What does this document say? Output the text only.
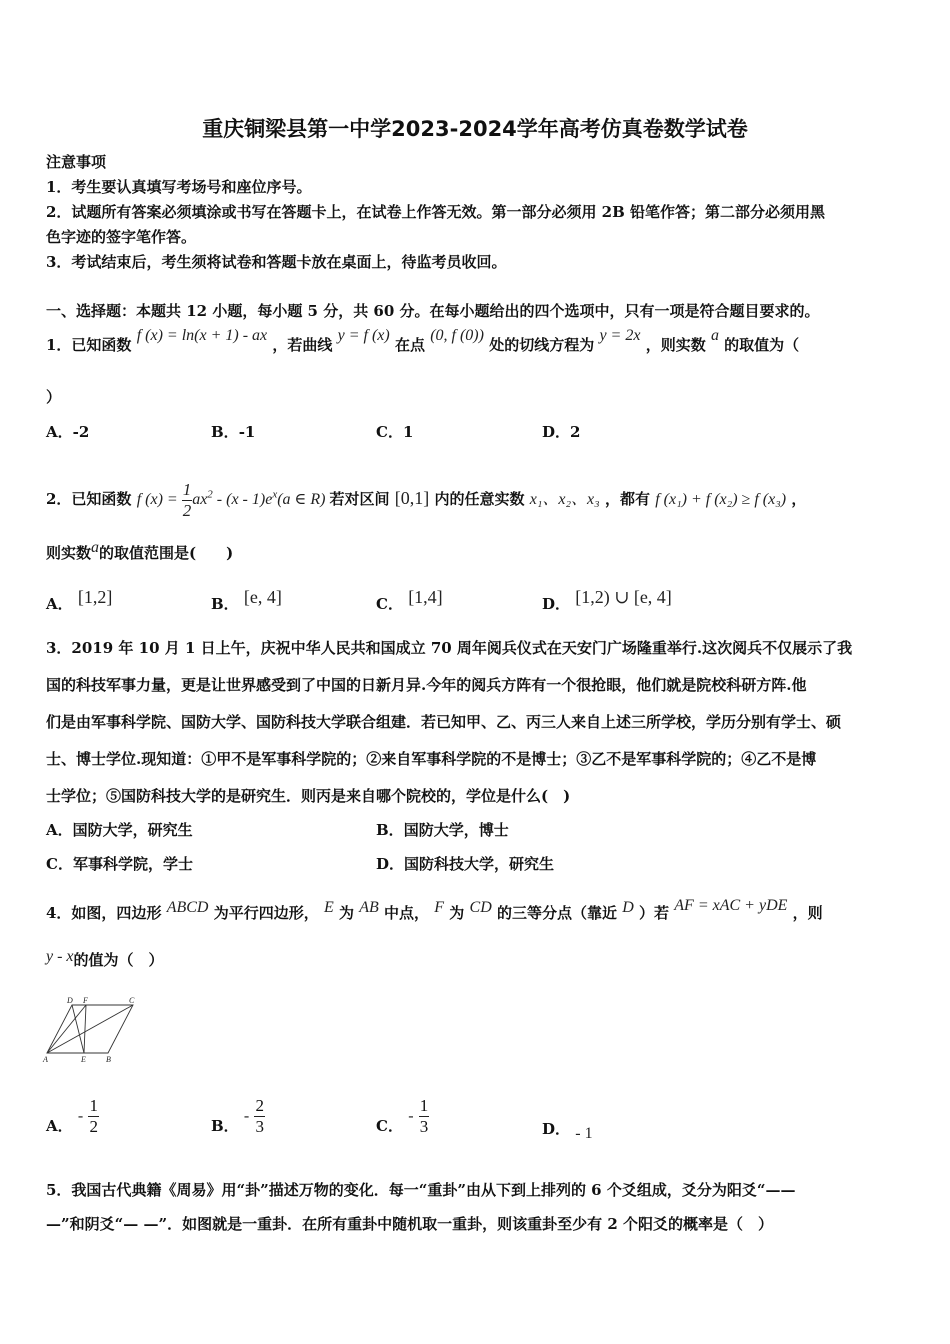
重庆铜梁县第一中学2023-2024学年高考仿真卷数学试卷
注意事项
1．考生要认真填写考场号和座位序号。
2．试题所有答案必须填涂或书写在答题卡上，在试卷上作答无效。第一部分必须用 2B 铅笔作答；第二部分必须用黑
色字迹的签字笔作答。
3．考试结束后，考生须将试卷和答题卡放在桌面上，待监考员收回。
一、选择题：本题共 12 小题，每小题 5 分，共 60 分。在每小题给出的四个选项中，只有一项是符合题目要求的。
1．已知函数 f (x) = ln(x + 1) - ax ，若曲线 y = f (x) 在点 (0, f (0)) 处的切线方程为 y = 2x ，则实数 a 的取值为（
）
A．-2	B．-1	C．1	D．2
2．已知函数 f $(x) = \frac{1}{2} ax^2 - (x - 1)e^x(a$ ∈ R) 若对区间 [0,1] 内的任意实数 x₁、x₂、x₃ ，都有 f (x₁) + f (x₂) ≥ f (x₃) ，
则实数a的取值范围是(　　)
A． [1,2]	B． [e, 4]	C． [1,4]	D． [1,2) ∪ [e, 4]
3．2019 年 10 月 1 日上午，庆祝中华人民共和国成立 70 周年阅兵仪式在天安门广场隆重举行.这次阅兵不仅展示了我
国的科技军事力量，更是让世界感受到了中国的日新月异.今年的阅兵方阵有一个很抢眼，他们就是院校科研方阵.他
们是由军事科学院、国防大学、国防科技大学联合组建．若已知甲、乙、丙三人来自上述三所学校，学历分别有学士、硕
士、博士学位.现知道：①甲不是军事科学院的；②来自军事科学院的不是博士；③乙不是军事科学院的；④乙不是博
士学位；⑤国防科技大学的是研究生．则丙是来自哪个院校的，学位是什么(　)
A．国防大学，研究生	B．国防大学，博士
C．军事科学院，学士	D．国防科技大学，研究生
4．如图，四边形 ABCD 为平行四边形， E 为 AB 中点， F 为 CD 的三等分点（靠近 D ）若 AF = xAC + yDE ，则
y - x的值为（　）
D F	C
A	E	B
A． - $\frac{1}{2}$	B． - $\frac{2}{3}$	C． - $\frac{1}{3}$	D． - 1
5．我国古代典籍《周易》用“卦”描述万物的变化．每一“重卦”由从下到上排列的 6 个爻组成，爻分为阳爻“——
—”和阴爻“— —”．如图就是一重卦．在所有重卦中随机取一重卦，则该重卦至少有 2 个阳爻的概率是（　）
